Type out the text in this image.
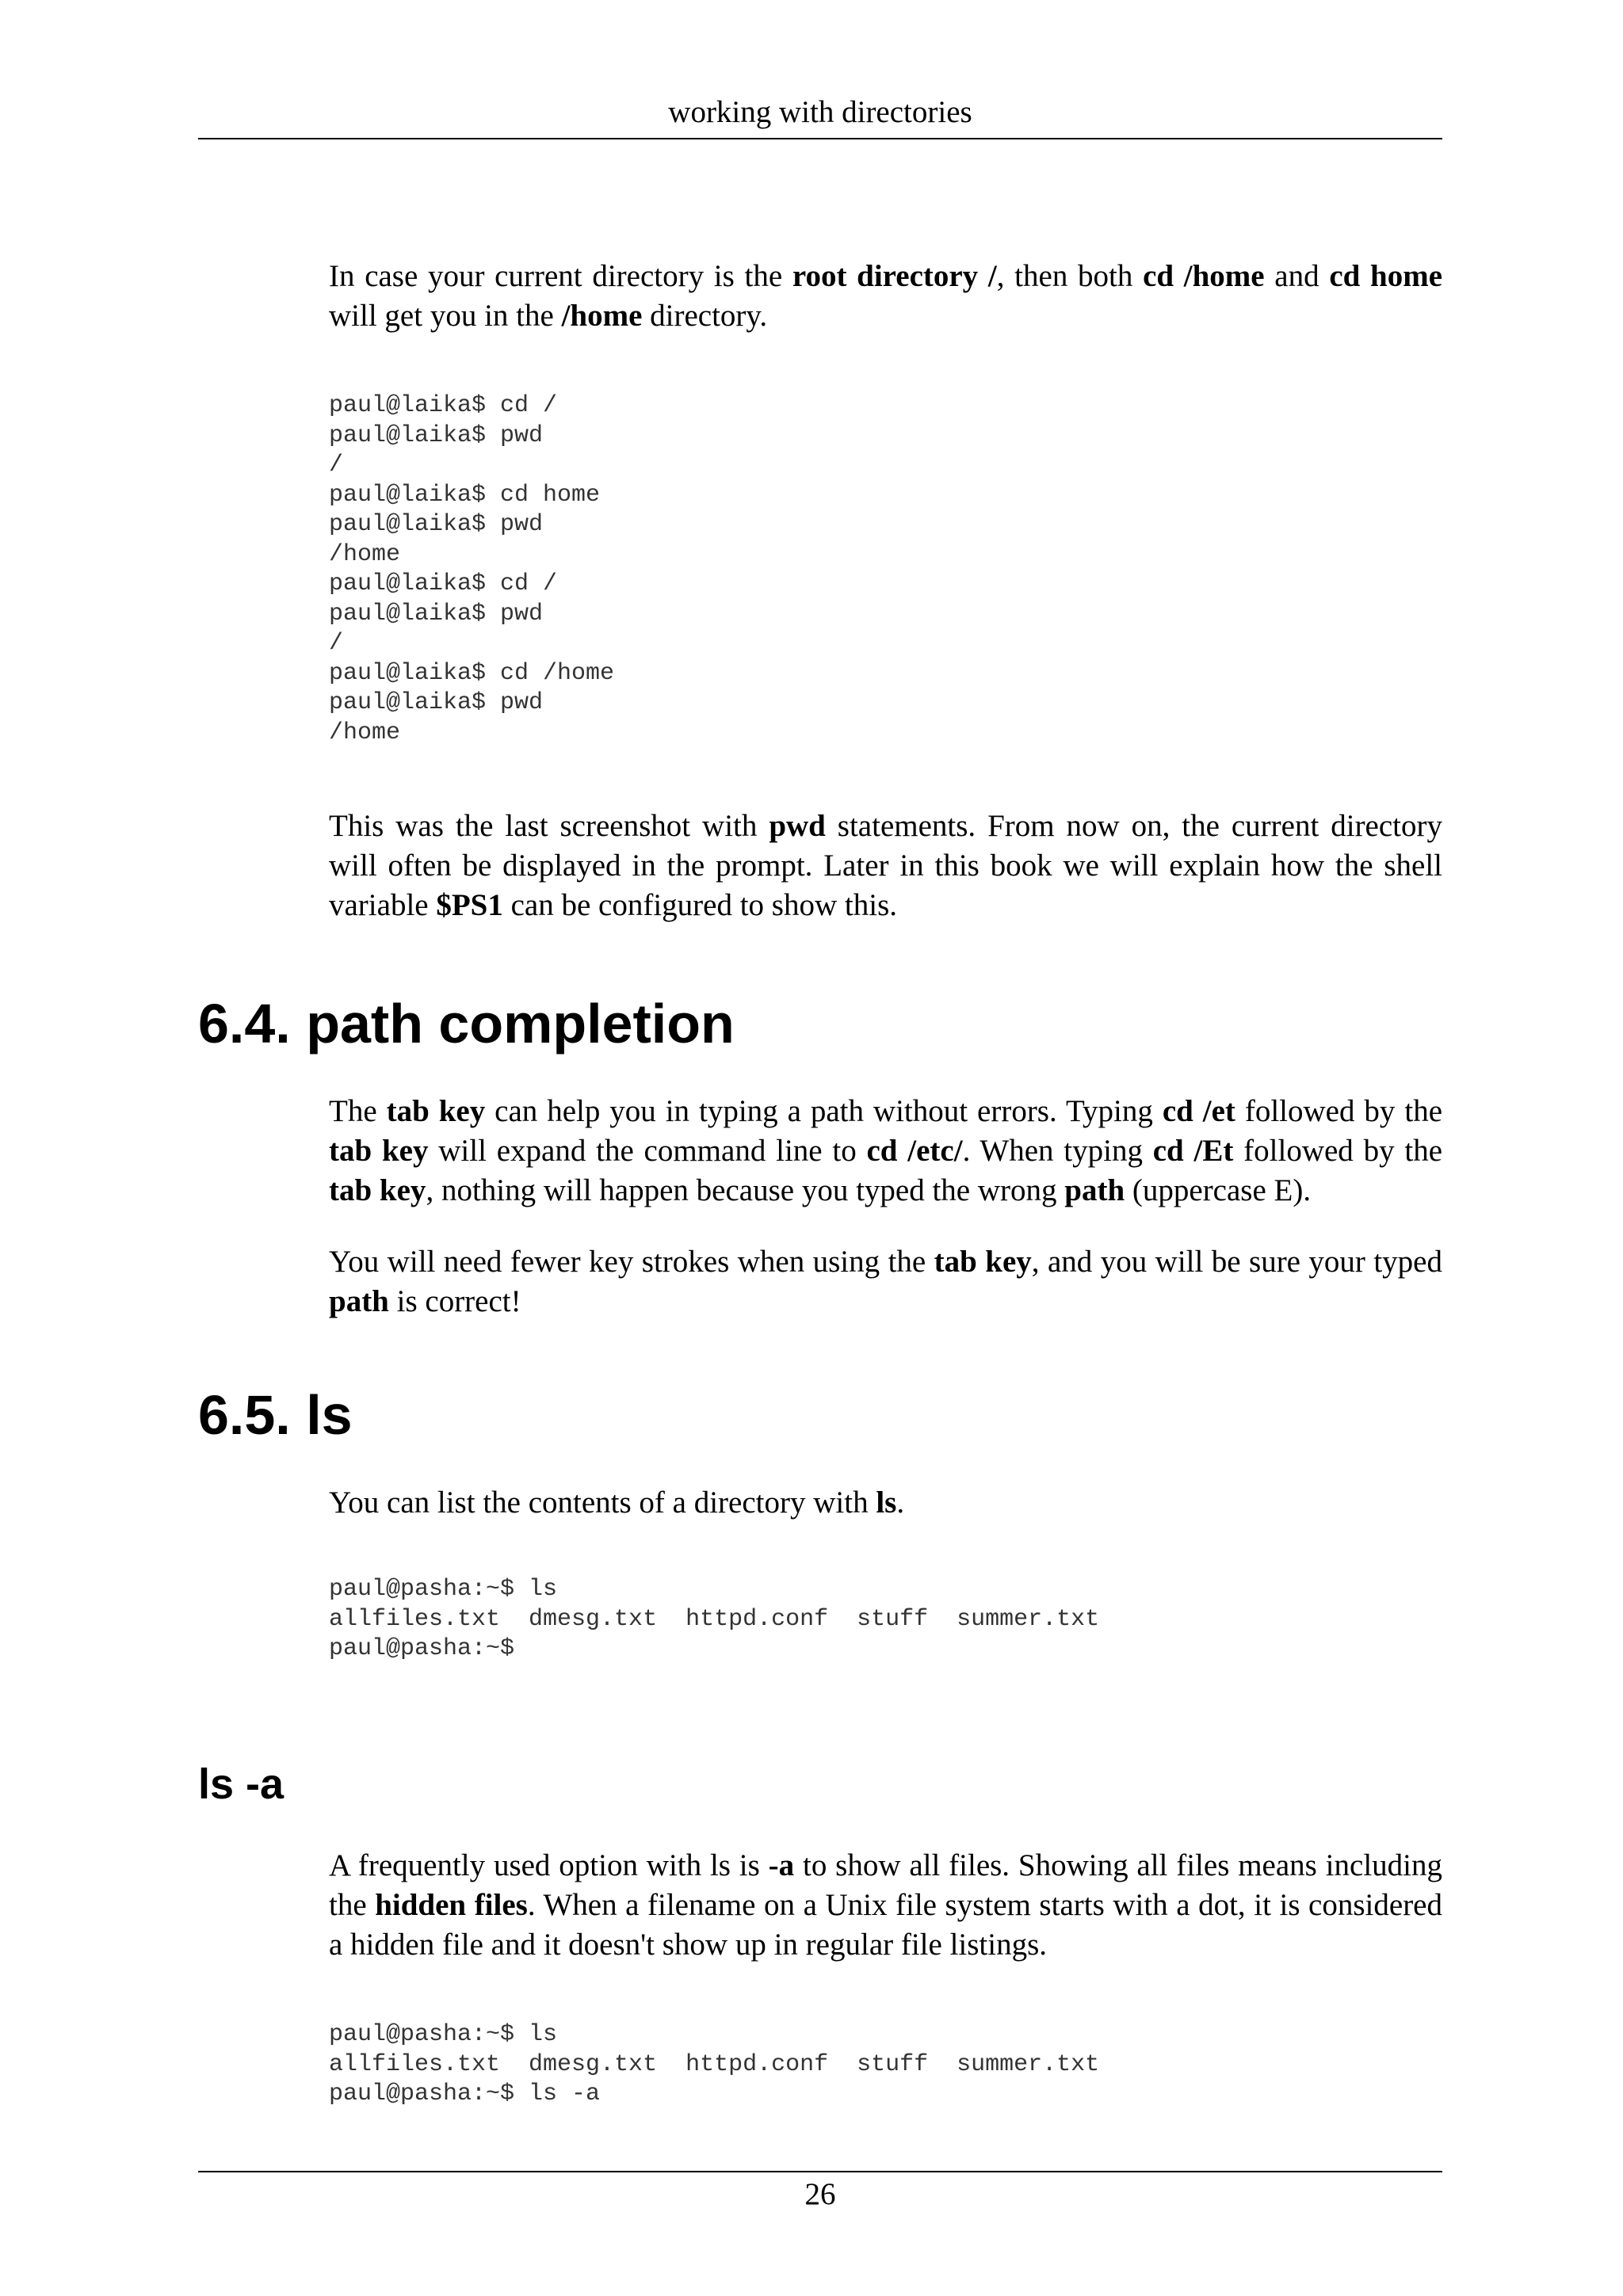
working with directories

In case your current directory is the root directory /, then both cd /home and cd home will get you in the /home directory.

paul@laika$ cd /
paul@laika$ pwd
/
paul@laika$ cd home
paul@laika$ pwd
/home
paul@laika$ cd /
paul@laika$ pwd
/
paul@laika$ cd /home
paul@laika$ pwd
/home

This was the last screenshot with pwd statements. From now on, the current directory will often be displayed in the prompt. Later in this book we will explain how the shell variable $PS1 can be configured to show this.

6.4. path completion

The tab key can help you in typing a path without errors. Typing cd /et followed by the tab key will expand the command line to cd /etc/. When typing cd /Et followed by the tab key, nothing will happen because you typed the wrong path (uppercase E).

You will need fewer key strokes when using the tab key, and you will be sure your typed path is correct!

6.5. ls

You can list the contents of a directory with ls.

paul@pasha:~$ ls
allfiles.txt  dmesg.txt  httpd.conf  stuff  summer.txt
paul@pasha:~$
ls -a

A frequently used option with ls is -a to show all files. Showing all files means including the hidden files. When a filename on a Unix file system starts with a dot, it is considered a hidden file and it doesn't show up in regular file listings.

paul@pasha:~$ ls
allfiles.txt  dmesg.txt  httpd.conf  stuff  summer.txt
paul@pasha:~$ ls -a
26
